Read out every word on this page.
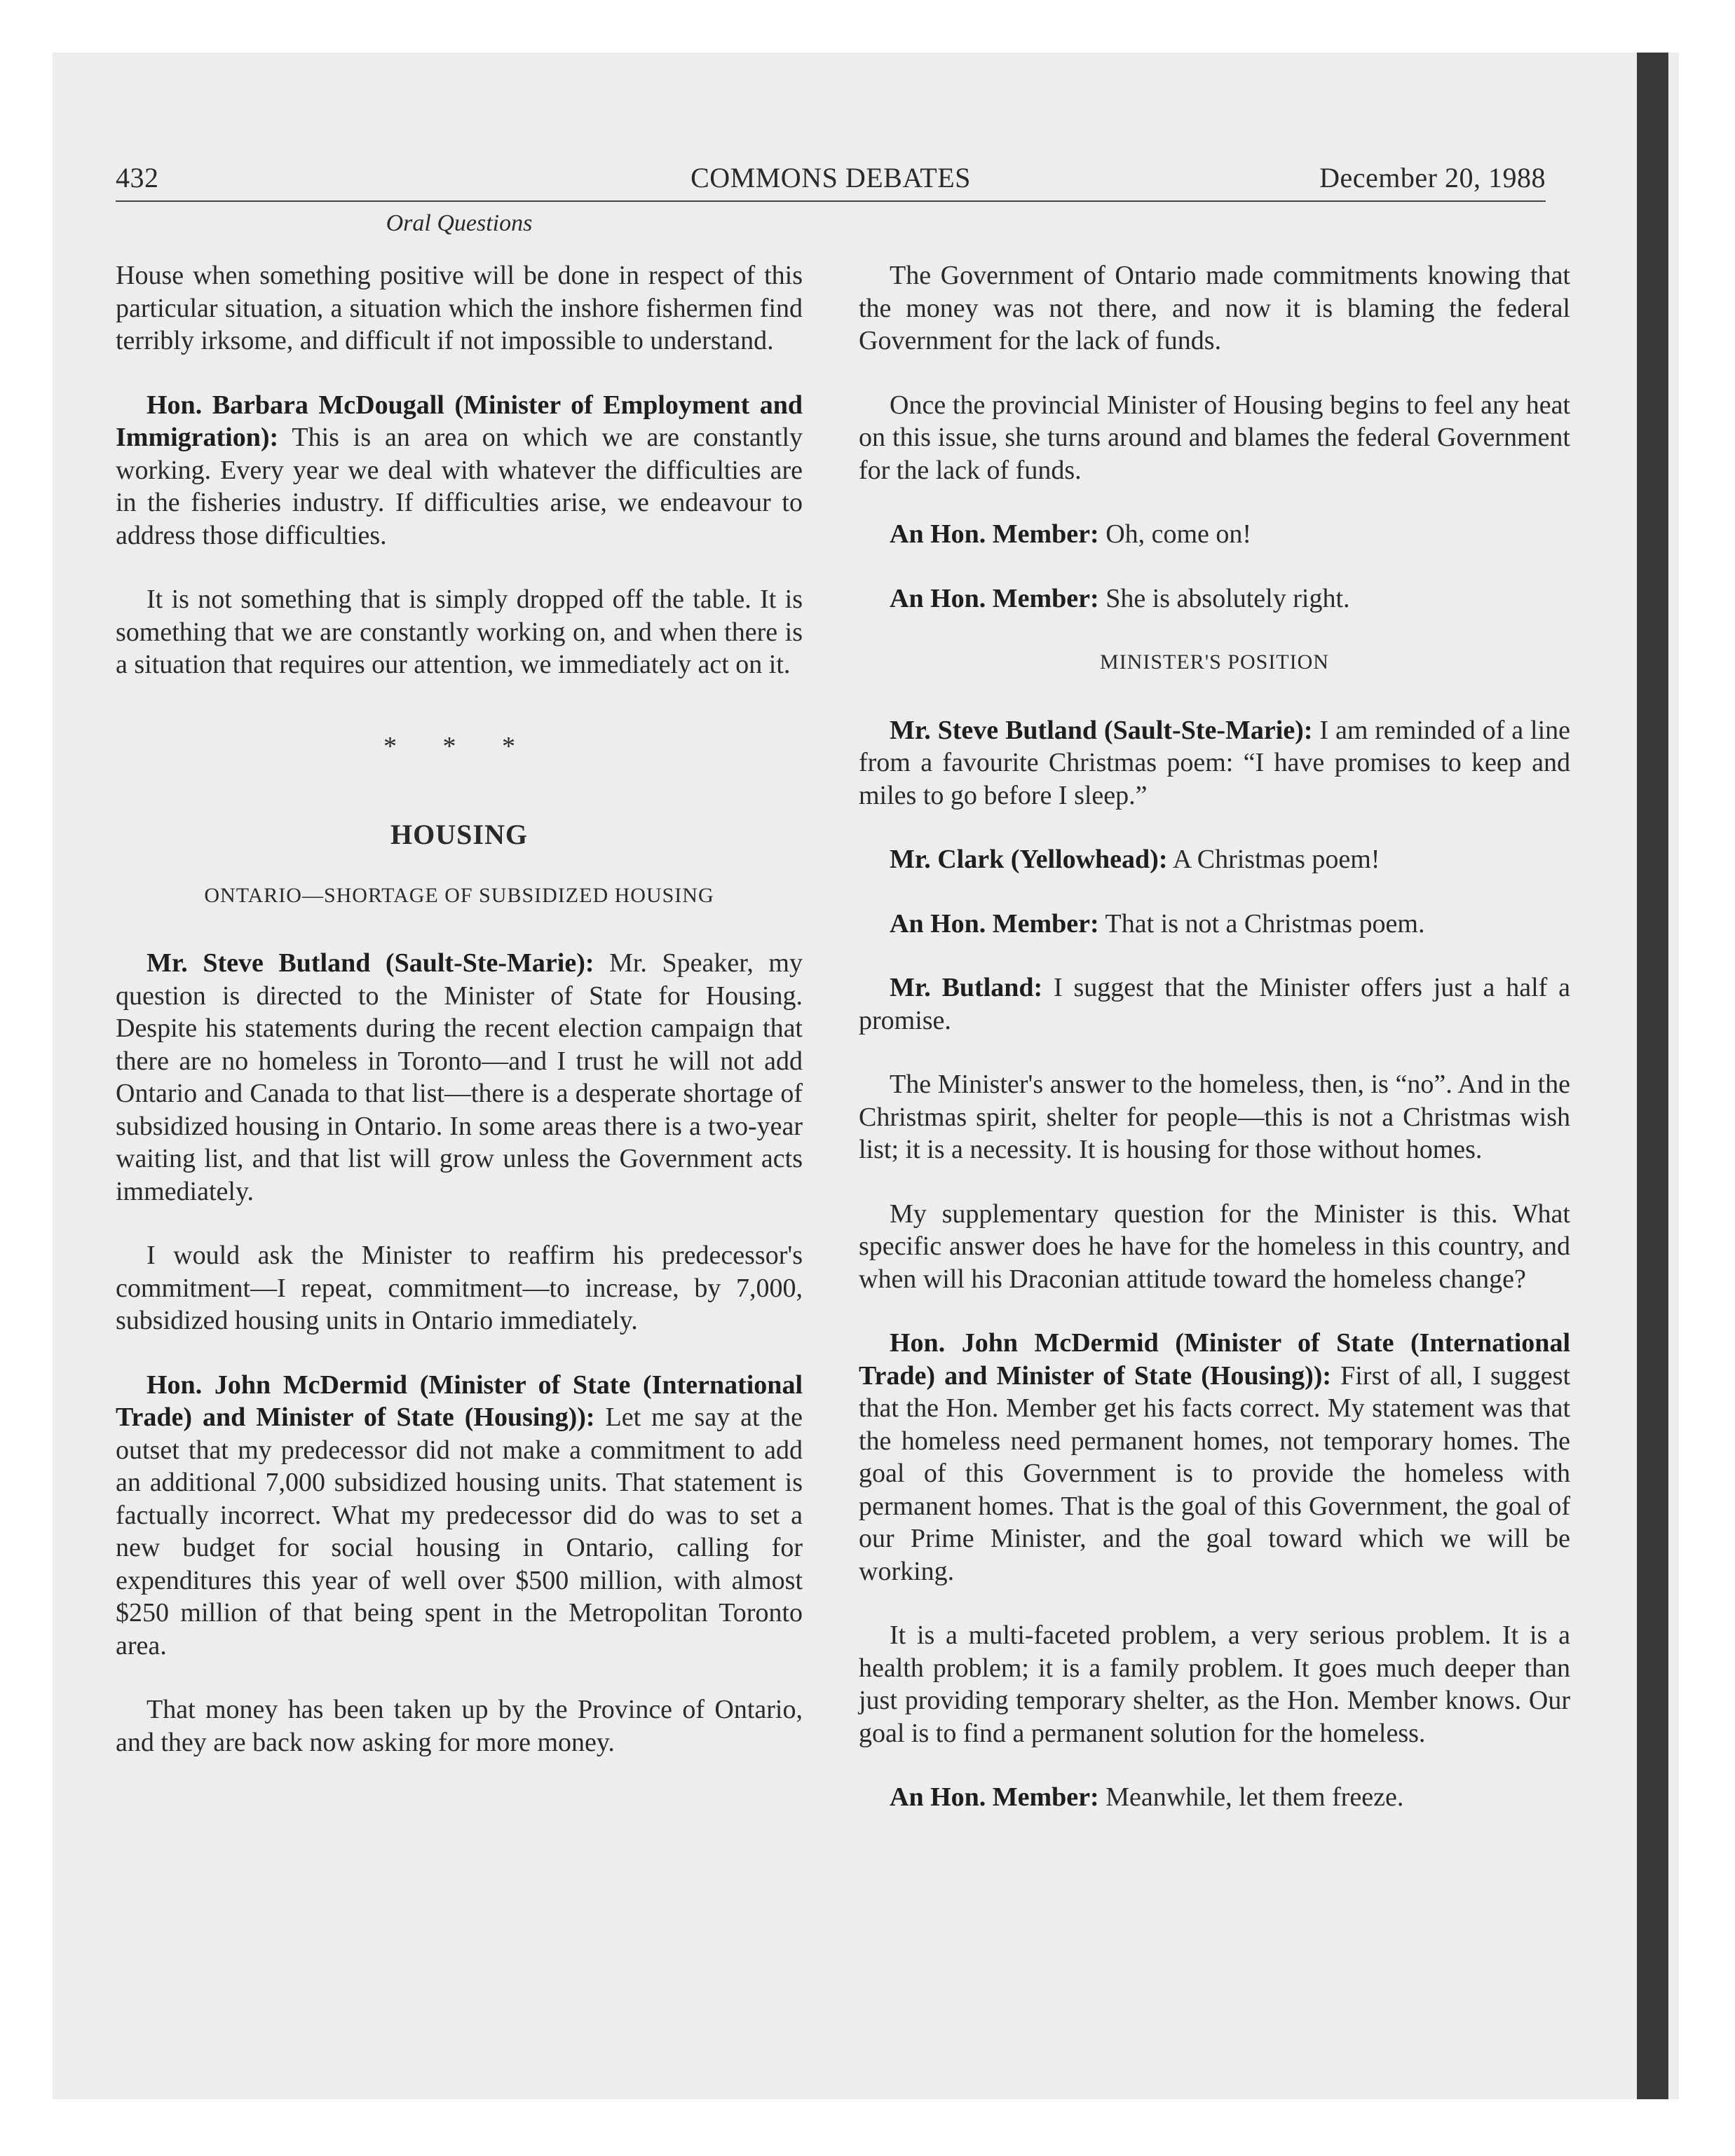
432	COMMONS DEBATES	December 20, 1988
Oral Questions

House when something positive will be done in respect of this particular situation, a situation which the inshore fishermen find terribly irksome, and difficult if not impossible to understand.

Hon. Barbara McDougall (Minister of Employment and Immigration): This is an area on which we are constantly working. Every year we deal with whatever the difficulties are in the fisheries industry. If difficulties arise, we endeavour to address those difficulties.

It is not something that is simply dropped off the table. It is something that we are constantly working on, and when there is a situation that requires our attention, we immediately act on it.

* * *
HOUSING
ONTARIO—SHORTAGE OF SUBSIDIZED HOUSING

Mr. Steve Butland (Sault-Ste-Marie): Mr. Speaker, my question is directed to the Minister of State for Housing. Despite his statements during the recent election campaign that there are no homeless in Toronto—and I trust he will not add Ontario and Canada to that list—there is a desperate shortage of subsidized housing in Ontario. In some areas there is a two-year waiting list, and that list will grow unless the Government acts immediately.

I would ask the Minister to reaffirm his predecessor's commitment—I repeat, commitment—to increase, by 7,000, subsidized housing units in Ontario immediately.

Hon. John McDermid (Minister of State (International Trade) and Minister of State (Housing)): Let me say at the outset that my predecessor did not make a commitment to add an additional 7,000 subsidized housing units. That statement is factually incorrect. What my predecessor did do was to set a new budget for social housing in Ontario, calling for expenditures this year of well over $500 million, with almost $250 million of that being spent in the Metropolitan Toronto area.

That money has been taken up by the Province of Ontario, and they are back now asking for more money.

The Government of Ontario made commitments knowing that the money was not there, and now it is blaming the federal Government for the lack of funds.

Once the provincial Minister of Housing begins to feel any heat on this issue, she turns around and blames the federal Government for the lack of funds.

An Hon. Member: Oh, come on!

An Hon. Member: She is absolutely right.

MINISTER'S POSITION

Mr. Steve Butland (Sault-Ste-Marie): I am reminded of a line from a favourite Christmas poem: “I have promises to keep and miles to go before I sleep.”

Mr. Clark (Yellowhead): A Christmas poem!

An Hon. Member: That is not a Christmas poem.

Mr. Butland: I suggest that the Minister offers just a half a promise.

The Minister's answer to the homeless, then, is “no”. And in the Christmas spirit, shelter for people—this is not a Christmas wish list; it is a necessity. It is housing for those without homes.

My supplementary question for the Minister is this. What specific answer does he have for the homeless in this country, and when will his Draconian attitude toward the homeless change?

Hon. John McDermid (Minister of State (International Trade) and Minister of State (Housing)): First of all, I suggest that the Hon. Member get his facts correct. My statement was that the homeless need permanent homes, not temporary homes. The goal of this Government is to provide the homeless with permanent homes. That is the goal of this Government, the goal of our Prime Minister, and the goal toward which we will be working.

It is a multi-faceted problem, a very serious problem. It is a health problem; it is a family problem. It goes much deeper than just providing temporary shelter, as the Hon. Member knows. Our goal is to find a permanent solution for the homeless.

An Hon. Member: Meanwhile, let them freeze.
